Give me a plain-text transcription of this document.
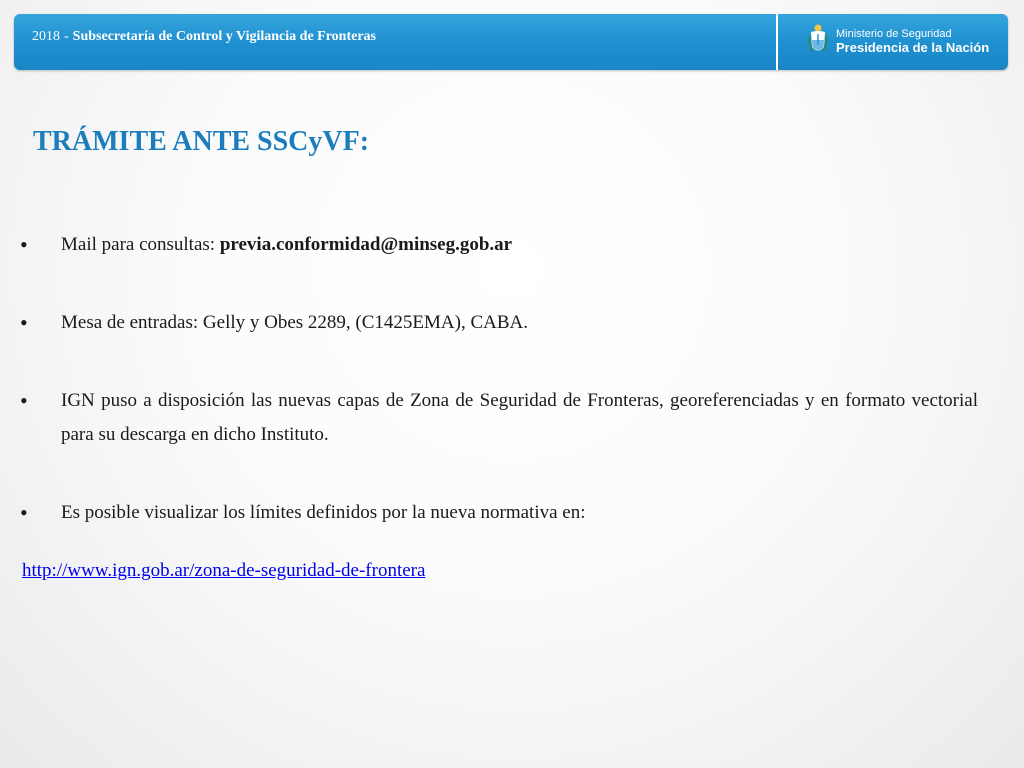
2018 - Subsecretaría de Control y Vigilancia de Fronteras	Ministerio de Seguridad
Presidencia de la Nación
TRÁMITE ANTE SSCyVF:
• Mail para consultas: previa.conformidad@minseg.gob.ar
• Mesa de entradas: Gelly y Obes 2289, (C1425EMA), CABA.
• IGN puso a disposición las nuevas capas de Zona de Seguridad de Fronteras, georeferenciadas y en formato vectorial para su descarga en dicho Instituto.
• Es posible visualizar los límites definidos por la nueva normativa en:
http://www.ign.gob.ar/zona-de-seguridad-de-frontera
